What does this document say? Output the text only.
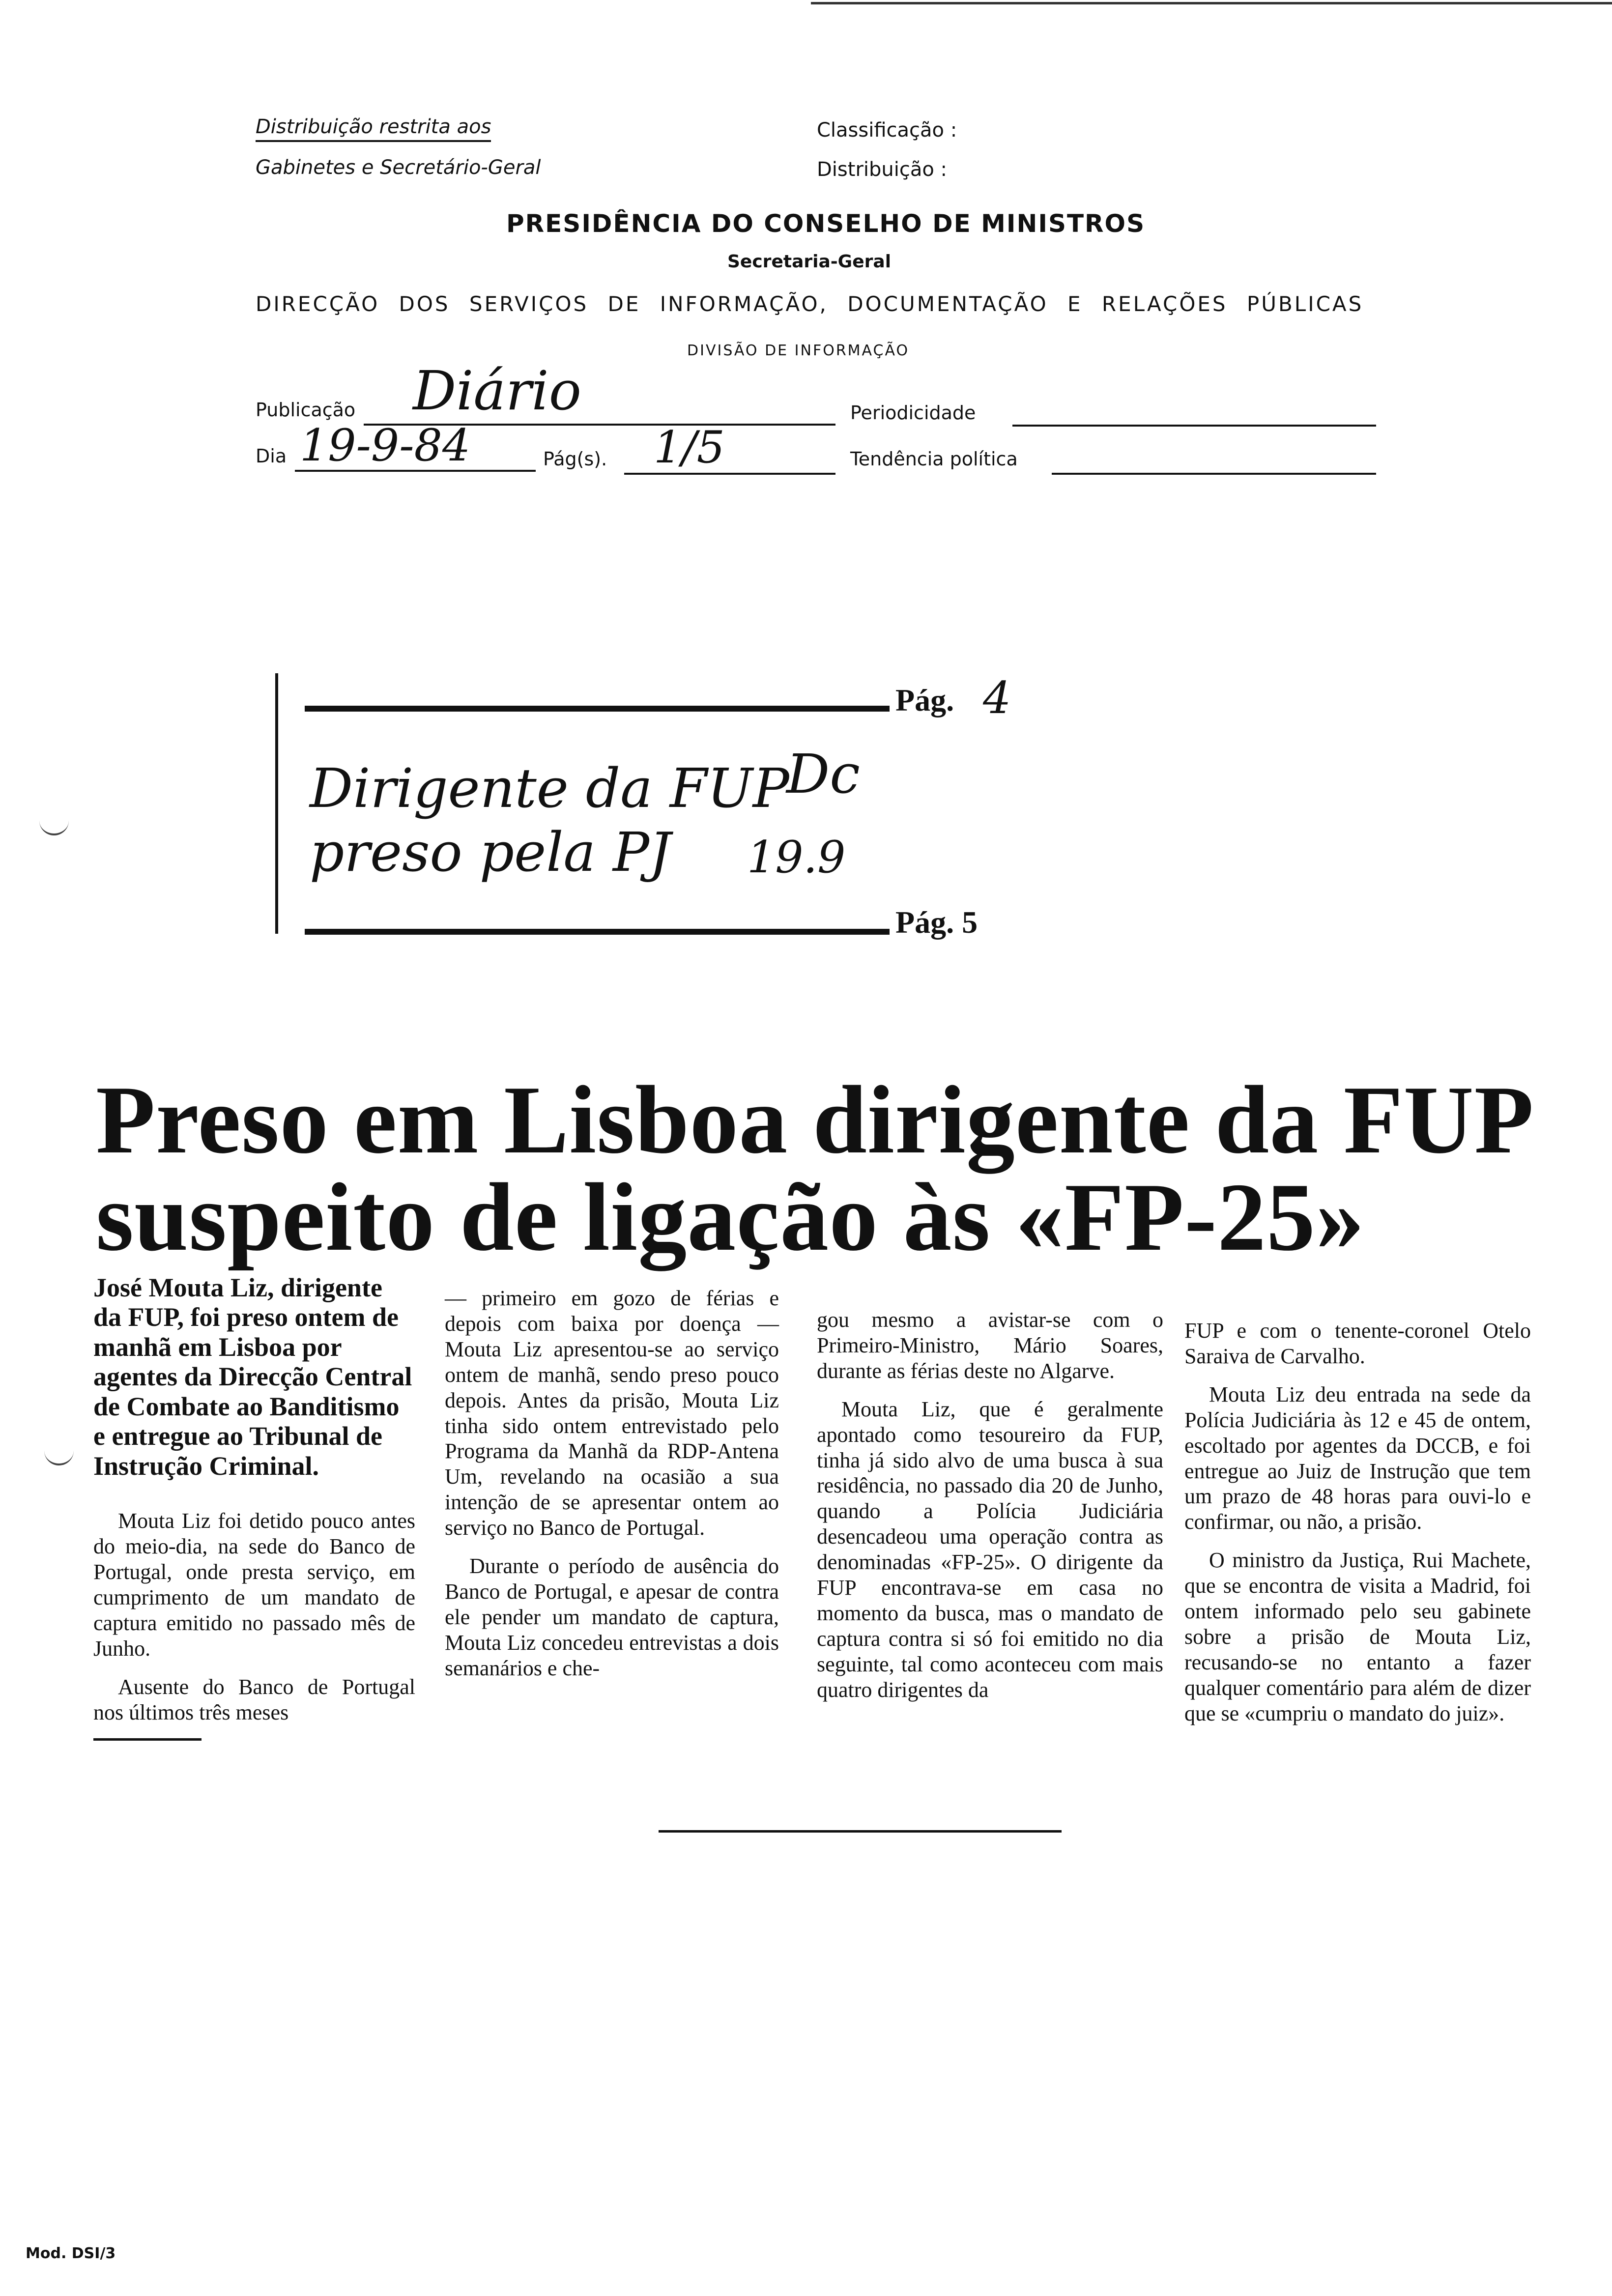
Distribuição restrita aos
Gabinetes e Secretário-Geral
Classificação :
Distribuição :
PRESIDÊNCIA DO CONSELHO DE MINISTROS
Secretaria-Geral
DIRECÇÃO DOS SERVIÇOS DE INFORMAÇÃO, DOCUMENTAÇÃO E RELAÇÕES PÚBLICAS
DIVISÃO DE INFORMAÇÃO
Publicação Diário	Periodicidade
Dia 19-9-84	Pág(s). 1/5	Tendência política
Pág. 4
Dirigente da FUP
preso pela PJ
Dc
19.9
Pág. 5
Preso em Lisboa dirigente da FUP
suspeito de ligação às «FP-25»
José Mouta Liz, dirigente da FUP, foi preso ontem de manhã em Lisboa por agentes da Direcção Central de Combate ao Banditismo e entregue ao Tribunal de Instrução Criminal.

Mouta Liz foi detido pouco antes do meio-dia, na sede do Banco de Portugal, onde presta serviço, em cumprimento de um mandato de captura emitido no passado mês de Junho.

Ausente do Banco de Portugal nos últimos três meses

— primeiro em gozo de férias e depois com baixa por doença — Mouta Liz apresentou-se ao serviço ontem de manhã, sendo preso pouco depois. Antes da prisão, Mouta Liz tinha sido ontem entrevistado pelo Programa da Manhã da RDP-Antena Um, revelando na ocasião a sua intenção de se apresentar ontem ao serviço no Banco de Portugal.

Durante o período de ausência do Banco de Portugal, e apesar de contra ele pender um mandato de captura, Mouta Liz concedeu entrevistas a dois semanários e che-

gou mesmo a avistar-se com o Primeiro-Ministro, Mário Soares, durante as férias deste no Algarve.

Mouta Liz, que é geralmente apontado como tesoureiro da FUP, tinha já sido alvo de uma busca à sua residência, no passado dia 20 de Junho, quando a Polícia Judiciária desencadeou uma operação contra as denominadas «FP-25». O dirigente da FUP encontrava-se em casa no momento da busca, mas o mandato de captura contra si só foi emitido no dia seguinte, tal como aconteceu com mais quatro dirigentes da

FUP e com o tenente-coronel Otelo Saraiva de Carvalho.

Mouta Liz deu entrada na sede da Polícia Judiciária às 12 e 45 de ontem, escoltado por agentes da DCCB, e foi entregue ao Juiz de Instrução que tem um prazo de 48 horas para ouvi-lo e confirmar, ou não, a prisão.

O ministro da Justiça, Rui Machete, que se encontra de visita a Madrid, foi ontem informado pelo seu gabinete sobre a prisão de Mouta Liz, recusando-se no entanto a fazer qualquer comentário para além de dizer que se «cumpriu o mandato do juiz».

Mod. DSI/3
